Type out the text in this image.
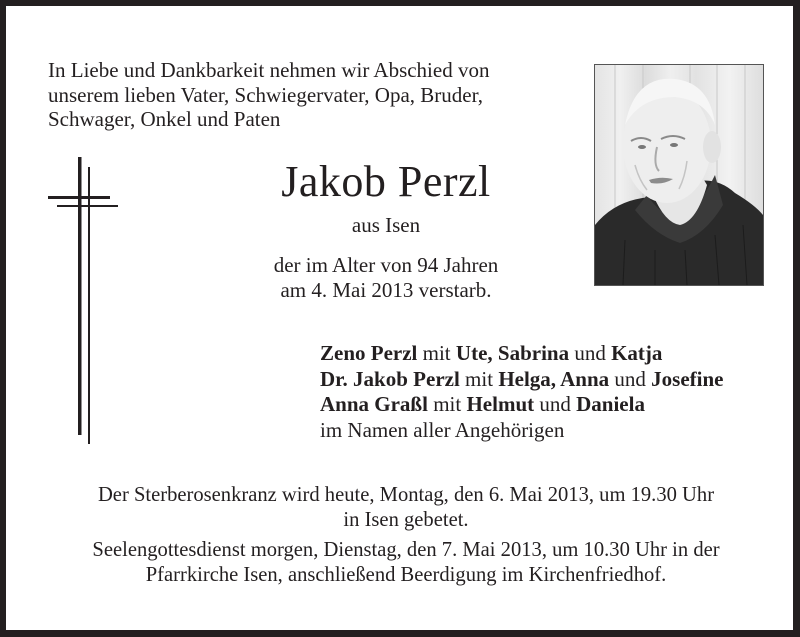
In Liebe und Dankbarkeit nehmen wir Abschied von
unserem lieben Vater, Schwiegervater, Opa, Bruder,
Schwager, Onkel und Paten
Jakob Perzl
aus Isen
der im Alter von 94 Jahren
am 4. Mai 2013 verstarb.
Zeno Perzl mit Ute, Sabrina und Katja
Dr. Jakob Perzl mit Helga, Anna und Josefine
Anna Graßl mit Helmut und Daniela
im Namen aller Angehörigen
Der Sterberosenkranz wird heute, Montag, den 6. Mai 2013, um 19.30 Uhr
in Isen gebetet.
Seelengottesdienst morgen, Dienstag, den 7. Mai 2013, um 10.30 Uhr in der
Pfarrkirche Isen, anschließend Beerdigung im Kirchenfriedhof.
